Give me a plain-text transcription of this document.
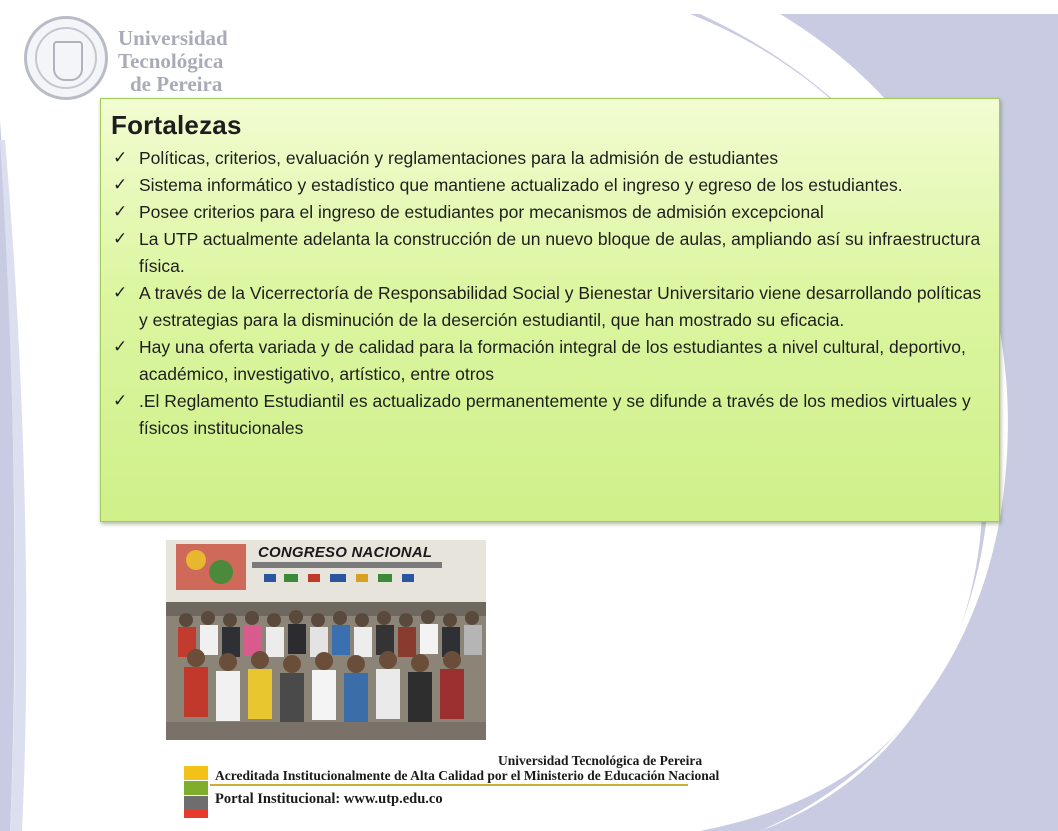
Universidad
Tecnológica
de Pereira
Fortalezas
✓ Políticas, criterios, evaluación y reglamentaciones para la admisión de estudiantes
✓ Sistema informático y estadístico que mantiene actualizado el ingreso y egreso de los estudiantes.
✓ Posee criterios para el ingreso de estudiantes por mecanismos de admisión excepcional
✓ La UTP actualmente adelanta la construcción de un nuevo bloque de aulas, ampliando así su infraestructura física.
✓ A través de la Vicerrectoría de Responsabilidad Social y Bienestar Universitario viene desarrollando políticas y estrategias para la disminución de la deserción estudiantil, que han mostrado su eficacia.
✓ Hay una oferta variada y de calidad para la formación integral de los estudiantes a nivel cultural, deportivo, académico, investigativo, artístico, entre otros
✓ .El Reglamento Estudiantil es actualizado permanentemente y se difunde a través de los medios virtuales y físicos institucionales
CONGRESO NACIONAL
Universidad Tecnológica de Pereira
Acreditada Institucionalmente de Alta Calidad por el Ministerio de Educación Nacional
Portal Institucional: www.utp.edu.co
